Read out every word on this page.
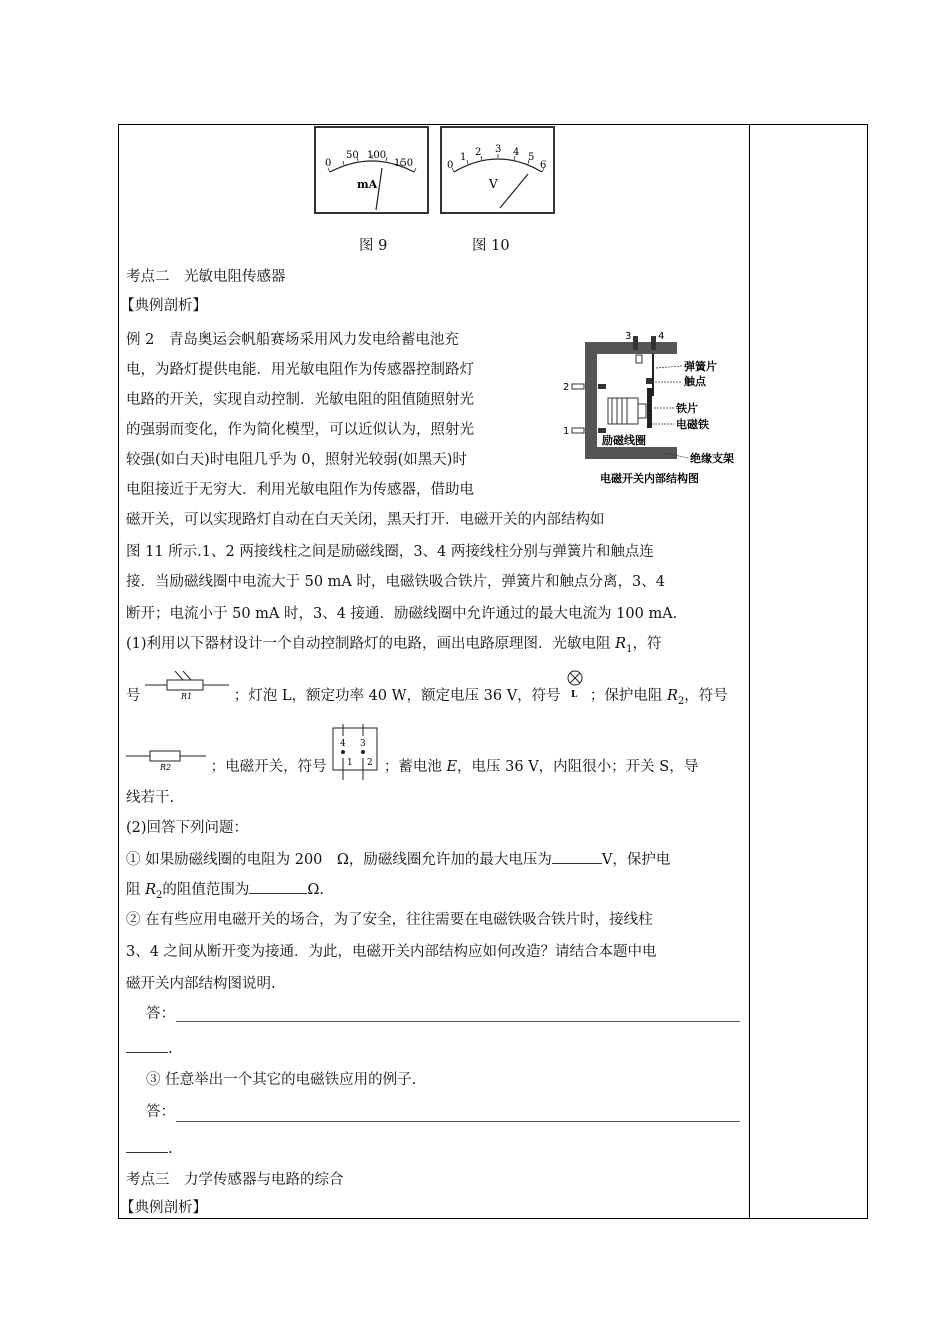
0
50 100
150
mA
0
1 2 3 4 5
6
V
图 9	图 10
3	4
2
1
弹簧片
触点
铁片
电磁铁
励磁线圈
绝缘支架
电磁开关内部结构图
考点二　光敏电阻传感器
【典例剖析】
例 2　青岛奥运会帆船赛场采用风力发电给蓄电池充
电，为路灯提供电能．用光敏电阻作为传感器控制路灯
电路的开关，实现自动控制．光敏电阻的阻值随照射光
的强弱而变化，作为简化模型，可以近似认为，照射光
较强(如白天)时电阻几乎为 0，照射光较弱(如黑天)时
电阻接近于无穷大．利用光敏电阻作为传感器，借助电
磁开关，可以实现路灯自动在白天关闭，黑天打开．电磁开关的内部结构如
图 11 所示.1、2 两接线柱之间是励磁线圈，3、4 两接线柱分别与弹簧片和触点连
接．当励磁线圈中电流大于 50 mA 时，电磁铁吸合铁片，弹簧片和触点分离，3、4
断开；电流小于 50 mA 时，3、4 接通．励磁线圈中允许通过的最大电流为 100 mA.
(1)利用以下器材设计一个自动控制路灯的电路，画出电路原理图．光敏电阻 $R_1$，符
号	R1	；灯泡 L，额定功率 40 W，额定电压 36 V，符号 L ；保护电阻 $R_2$，符号
R2	；电磁开关，符号
4 3
1 2 ；蓄电池 E，电压 36 V，内阻很小；开关 S，导
线若干.
(2)回答下列问题：
① 如果励磁线圈的电阻为 200　Ω，励磁线圈允许加的最大电压为	V，保护电
阻 $R_2$的阻值范围为	Ω.
② 在有些应用电磁开关的场合，为了安全，往往需要在电磁铁吸合铁片时，接线柱
3、4 之间从断开变为接通．为此，电磁开关内部结构应如何改造？请结合本题中电
磁开关内部结构图说明.
答：
.
③ 任意举出一个其它的电磁铁应用的例子.
答：
.
考点三　力学传感器与电路的综合
【典例剖析】
